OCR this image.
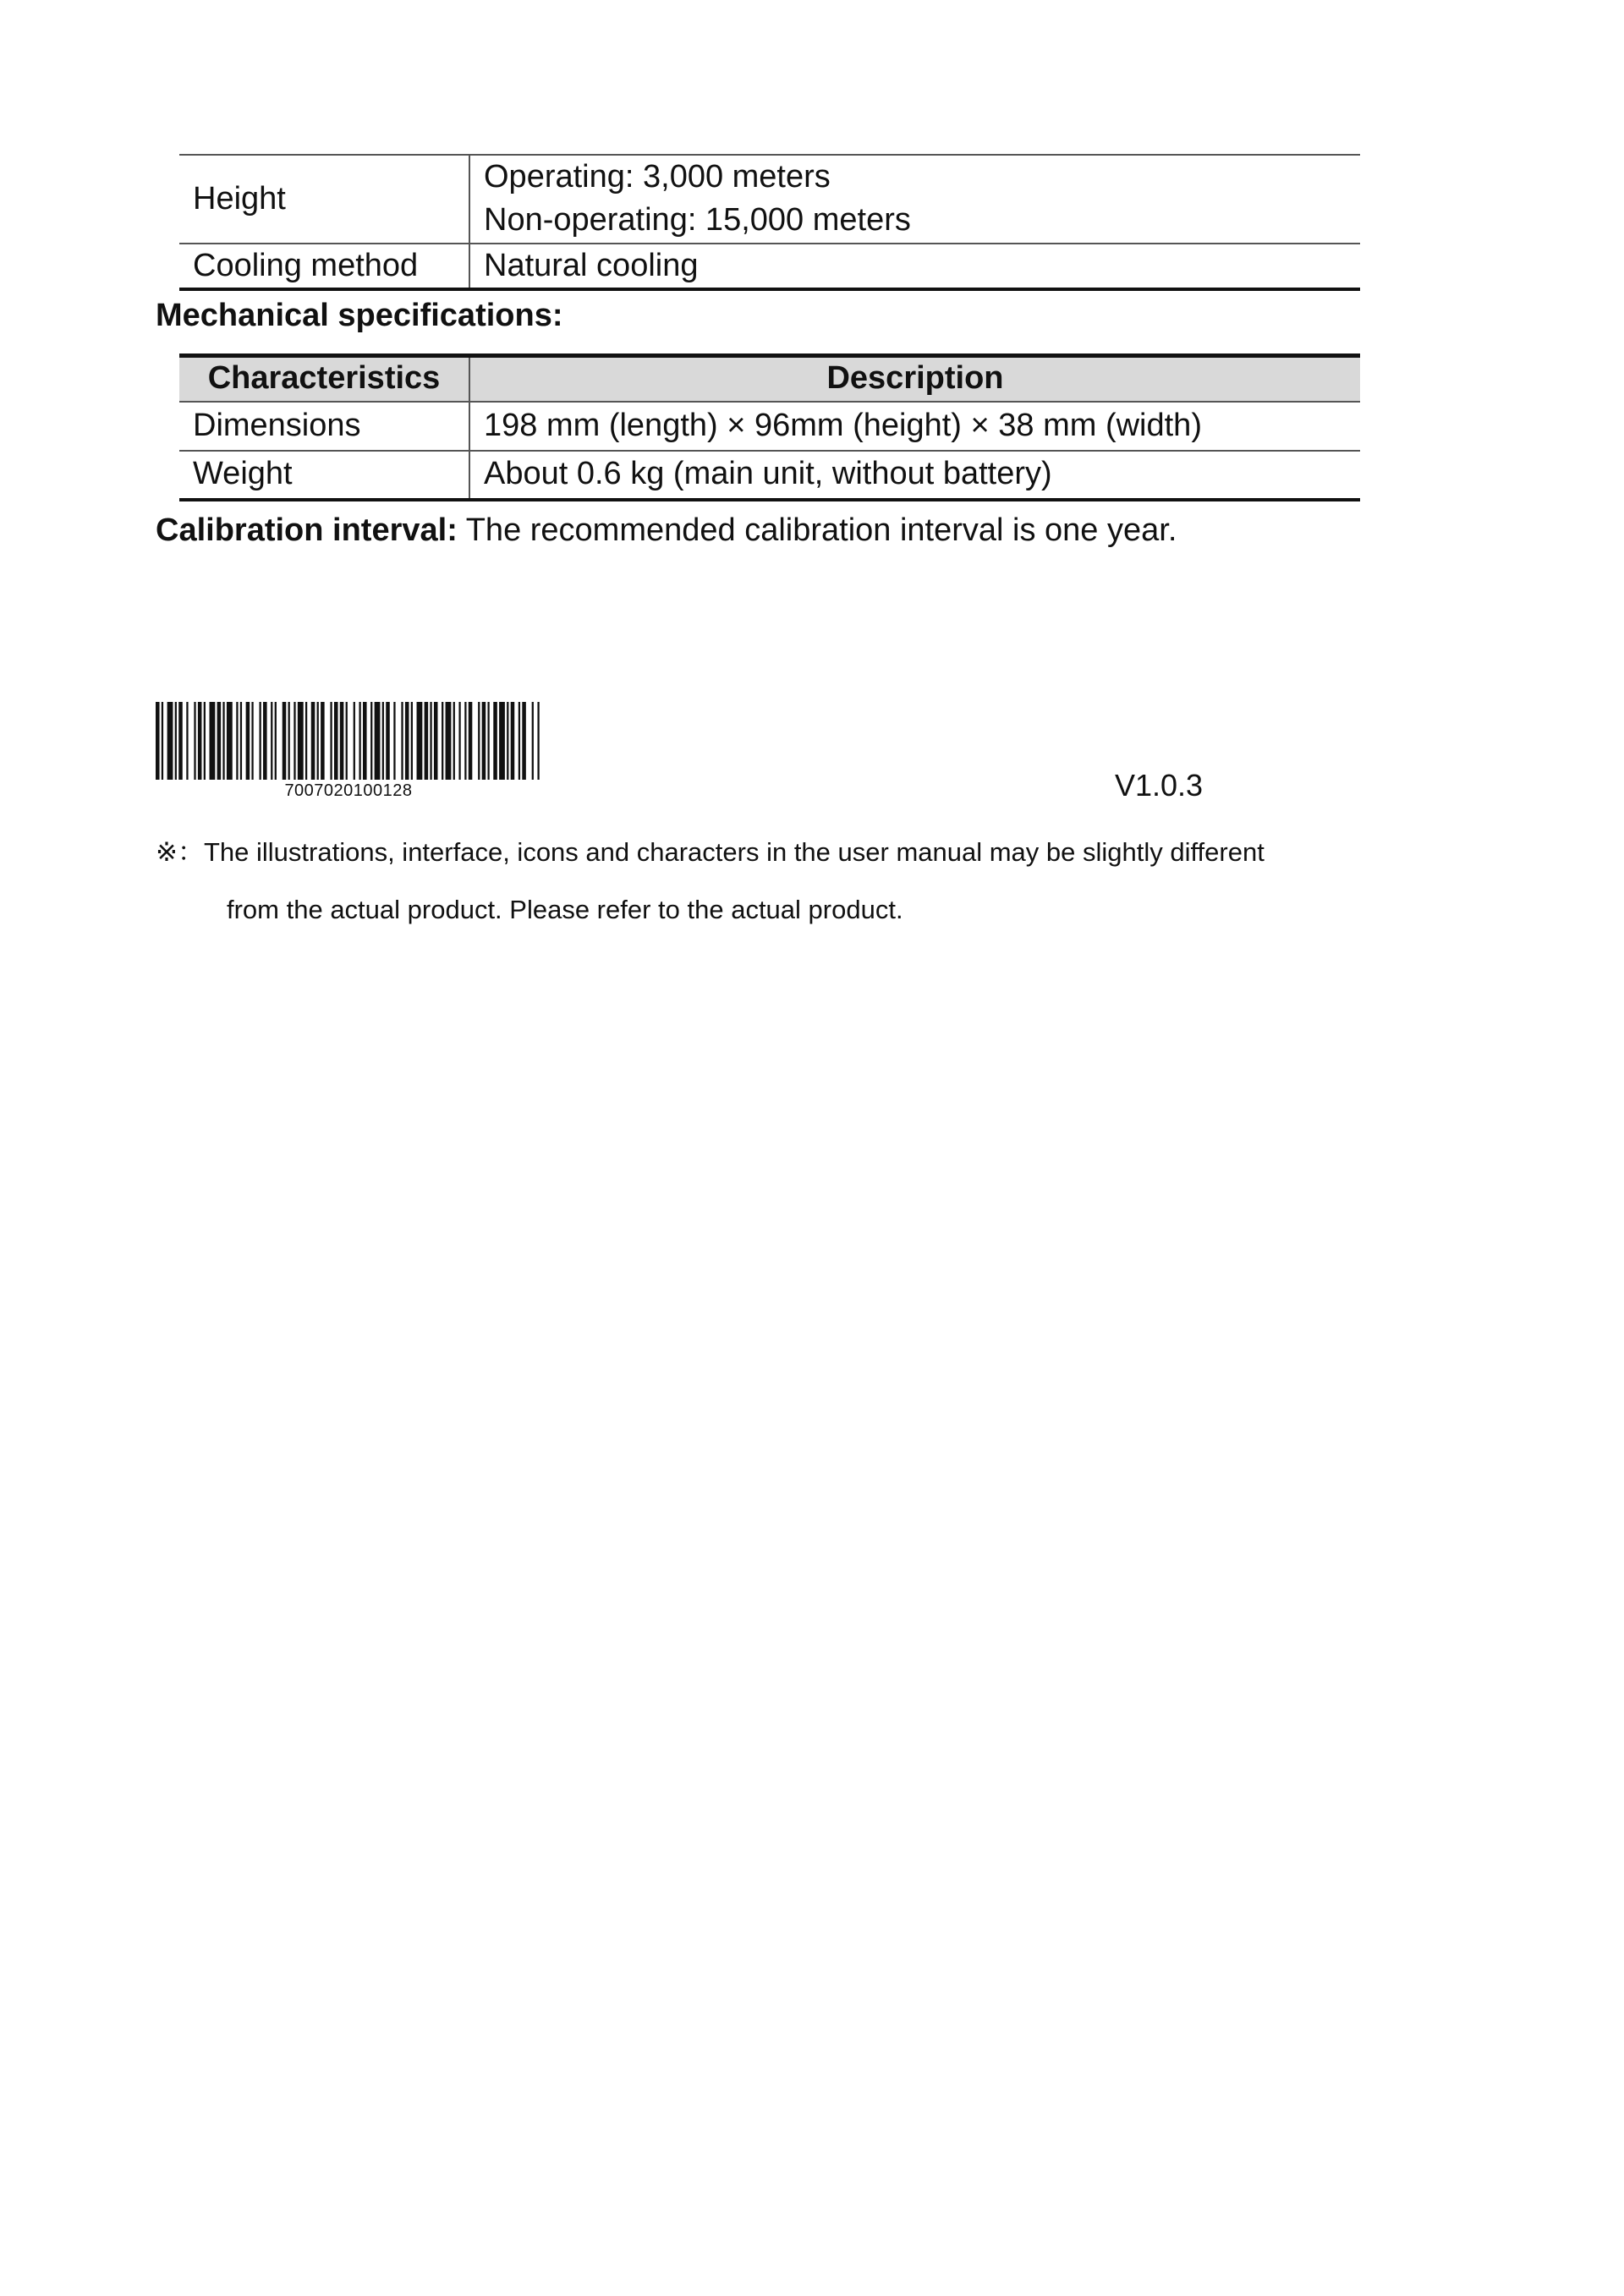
Height	Operating: 3,000 meters
Non-operating: 15,000 meters

Cooling method	Natural cooling

Mechanical specifications:

Characteristics	Description
Dimensions	198 mm (length) × 96mm (height) × 38 mm (width)
Weight	About 0.6 kg (main unit, without battery)

Calibration interval: The recommended calibration interval is one year.

7007020100128	V1.0.3

※：The illustrations, interface, icons and characters in the user manual may be slightly different
from the actual product. Please refer to the actual product.
